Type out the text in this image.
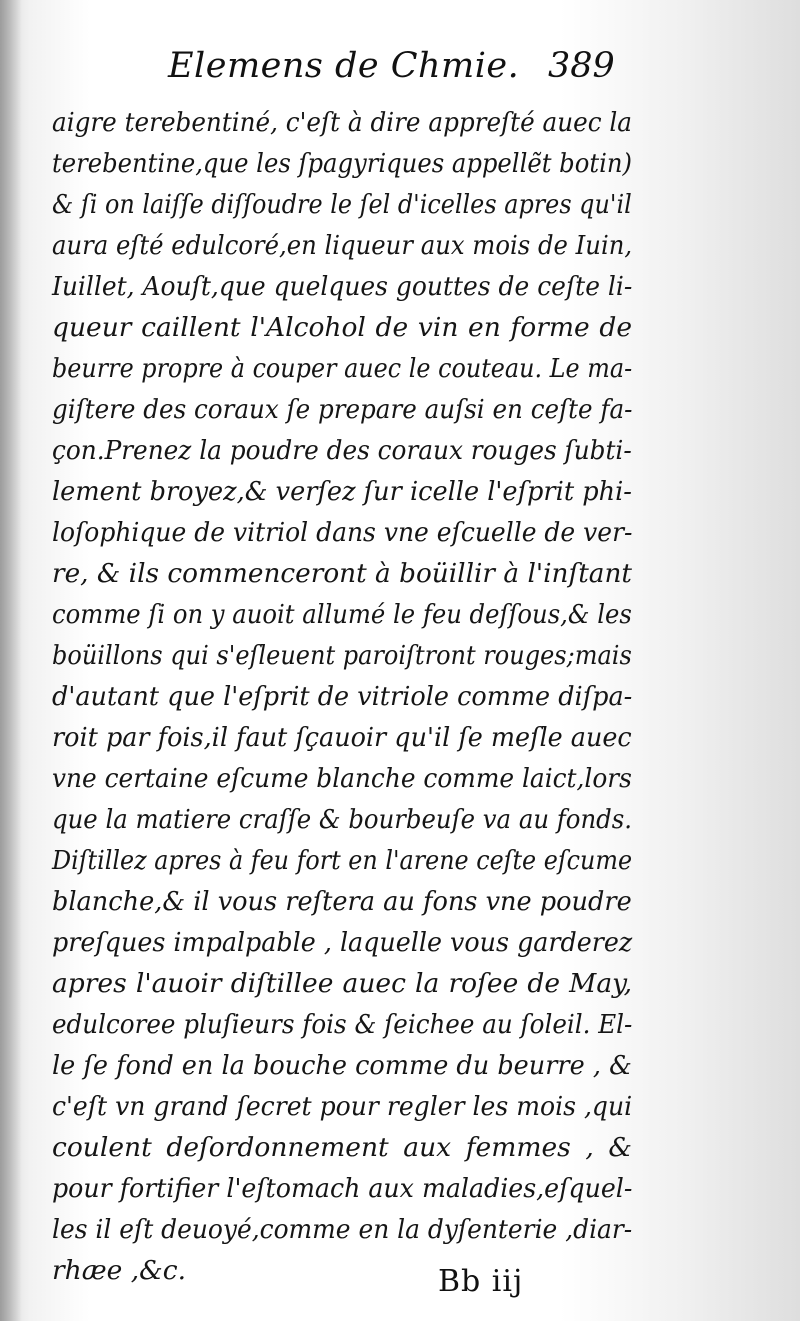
Elemens de Chmie. 389
aigre terebentiné, c'eſt à dire appreſté auec la
terebentine,que les ſpagyriques appellẽt botin)
& ſi on laiſſe diſſoudre le ſel d'icelles apres qu'il
aura eſté edulcoré,en liqueur aux mois de Iuin,
Iuillet, Aouſt,que quelques gouttes de ceſte li-
queur caillent l'Alcohol de vin en forme de
beurre propre à couper auec le couteau. Le ma-
giſtere des coraux ſe prepare auſsi en ceſte fa-
çon.Prenez la poudre des coraux rouges ſubti-
lement broyez,& verſez ſur icelle l'eſprit phi-
loſophique de vitriol dans vne eſcuelle de ver-
re, & ils commenceront à boüillir à l'inſtant
comme ſi on y auoit allumé le feu deſſous,& les
boüillons qui s'eſleuent paroiſtront rouges;mais
d'autant que l'eſprit de vitriole comme diſpa-
roit par fois,il faut ſçauoir qu'il ſe meſle auec
vne certaine eſcume blanche comme laict,lors
que la matiere craſſe & bourbeuſe va au fonds.
Diſtillez apres à feu fort en l'arene ceſte eſcume
blanche,& il vous reſtera au fons vne poudre
preſques impalpable , laquelle vous garderez
apres l'auoir diſtillee auec la roſee de May,
edulcoree pluſieurs fois & ſeichee au ſoleil. El-
le ſe fond en la bouche comme du beurre , &
c'eſt vn grand ſecret pour regler les mois ,qui
coulent deſordonnement aux femmes , &
pour fortifier l'eſtomach aux maladies,eſquel-
les il eſt deuoyé,comme en la dyſenterie ,diar-
rhæe ,&c.	Bb iij
